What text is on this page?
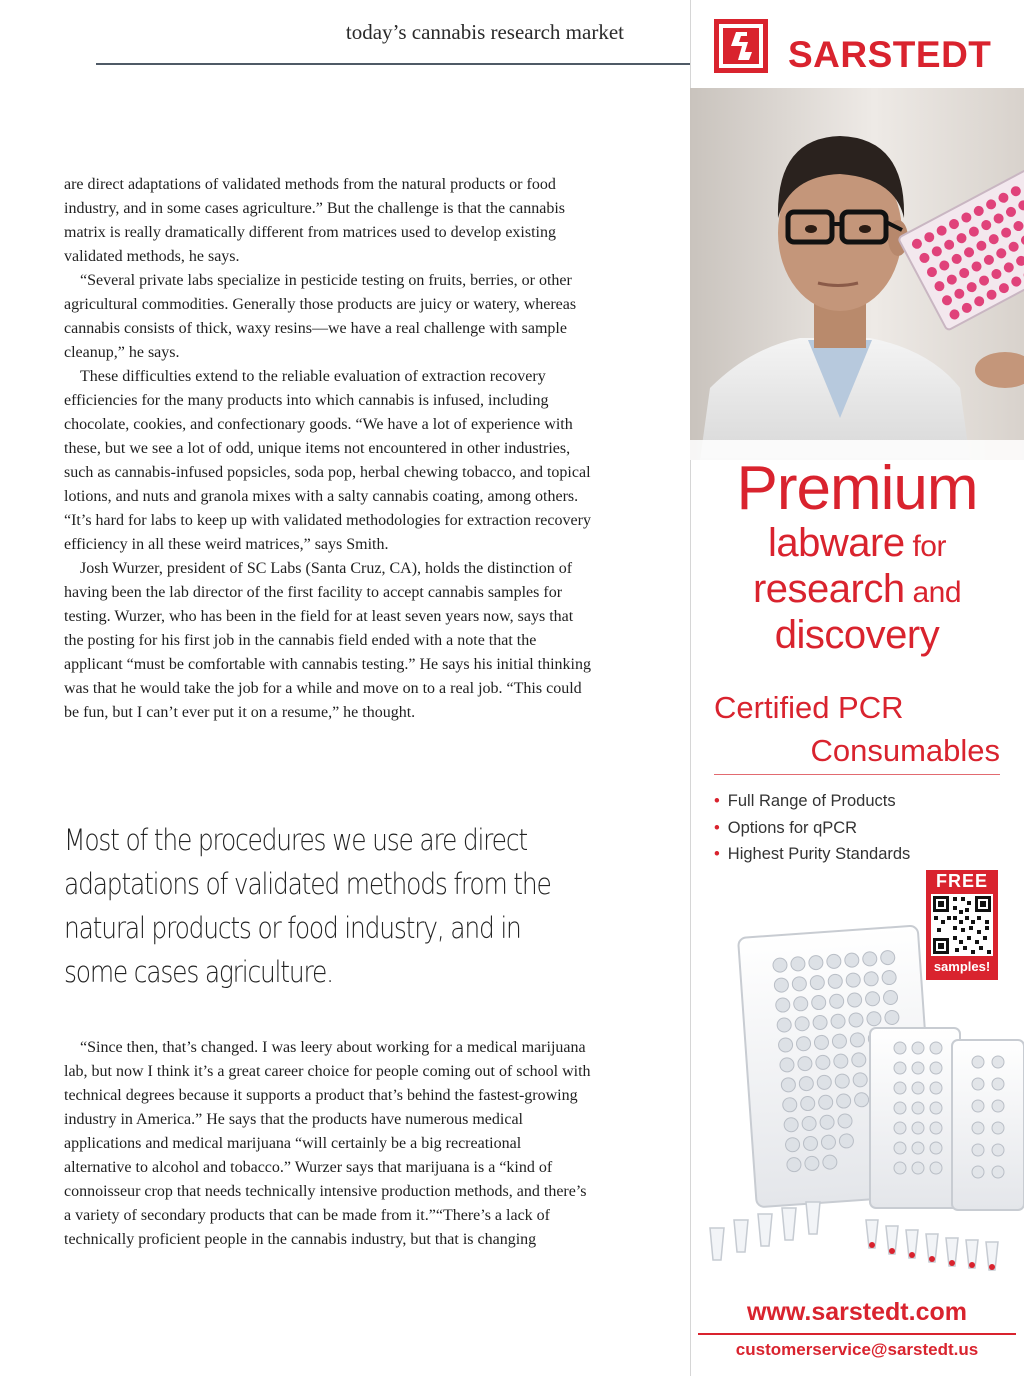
today’s cannabis research market

are direct adaptations of validated methods from the natural products or food industry, and in some cases agriculture.” But the challenge is that the cannabis matrix is really dramatically different from matrices used to develop existing validated methods, he says.

“Several private labs specialize in pesticide testing on fruits, berries, or other agricultural commodities. Generally those products are juicy or watery, whereas cannabis consists of thick, waxy resins—we have a real challenge with sample cleanup,” he says.

These difficulties extend to the reliable evaluation of extraction recovery efficiencies for the many products into which cannabis is infused, including chocolate, cookies, and confectionary goods. “We have a lot of experience with these, but we see a lot of odd, unique items not encountered in other industries, such as cannabis-infused popsicles, soda pop, herbal chewing tobacco, and topical lotions, and nuts and granola mixes with a salty cannabis coating, among others. “It’s hard for labs to keep up with validated methodologies for extraction recovery efficiency in all these weird matrices,” says Smith.

Josh Wurzer, president of SC Labs (Santa Cruz, CA), holds the distinction of having been the lab director of the first facility to accept cannabis samples for testing. Wurzer, who has been in the field for at least seven years now, says that the posting for his first job in the cannabis field ended with a note that the applicant “must be comfortable with cannabis testing.” He says his initial thinking was that he would take the job for a while and move on to a real job. “This could be fun, but I can’t ever put it on a resume,” he thought.

Most of the procedures we use are direct adaptations of validated methods from the natural products or food industry, and in some cases agriculture.

“Since then, that’s changed. I was leery about working for a medical marijuana lab, but now I think it’s a great career choice for people coming out of school with technical degrees because it supports a product that’s behind the fastest-growing industry in America.” He says that the products have numerous medical applications and medical marijuana “will certainly be a big recreational alternative to alcohol and tobacco.” Wurzer says that marijuana is a “kind of connoisseur crop that needs technically intensive production methods, and there’s a variety of secondary products that can be made from it.”“There’s a lack of technically proficient people in the cannabis industry, but that is changing

SARSTEDT
Premium
labware for
research and
discovery
Certified PCR
Consumables
• Full Range of Products
• Options for qPCR
• Highest Purity Standards
FREE
samples!
www.sarstedt.com
customerservice@sarstedt.us
